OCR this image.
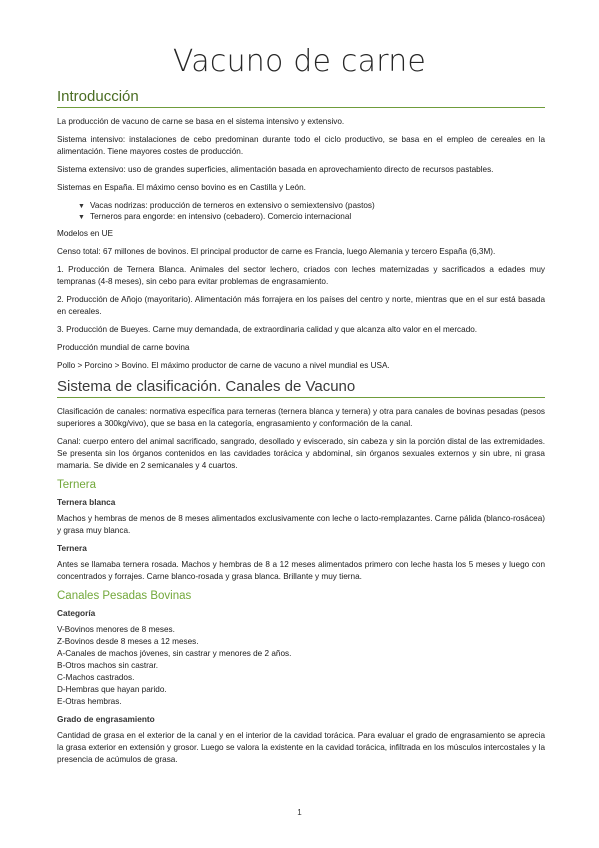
Vacuno de carne
Introducción
La producción de vacuno de carne se basa en el sistema intensivo y extensivo.
Sistema intensivo: instalaciones de cebo predominan durante todo el ciclo productivo, se basa en el empleo de cereales en la alimentación. Tiene mayores costes de producción.
Sistema extensivo: uso de grandes superficies, alimentación basada en aprovechamiento directo de recursos pastables.
Sistemas en España. El máximo censo bovino es en Castilla y León.
▼ Vacas nodrizas: producción de terneros en extensivo o semiextensivo (pastos)
▼ Terneros para engorde: en intensivo (cebadero). Comercio internacional
Modelos en UE
Censo total: 67 millones de bovinos. El principal productor de carne es Francia, luego Alemania y tercero España (6,3M).
1. Producción de Ternera Blanca. Animales del sector lechero, criados con leches maternizadas y sacrificados a edades muy tempranas (4-8 meses), sin cebo para evitar problemas de engrasamiento.
2. Producción de Añojo (mayoritario). Alimentación más forrajera en los países del centro y norte, mientras que en el sur está basada en cereales.
3. Producción de Bueyes. Carne muy demandada, de extraordinaria calidad y que alcanza alto valor en el mercado.
Producción mundial de carne bovina
Pollo > Porcino > Bovino. El máximo productor de carne de vacuno a nivel mundial es USA.
Sistema de clasificación. Canales de Vacuno
Clasificación de canales: normativa específica para terneras (ternera blanca y ternera) y otra para canales de bovinas pesadas (pesos superiores a 300kg/vivo), que se basa en la categoría, engrasamiento y conformación de la canal.
Canal: cuerpo entero del animal sacrificado, sangrado, desollado y eviscerado, sin cabeza y sin la porción distal de las extremidades. Se presenta sin los órganos contenidos en las cavidades torácica y abdominal, sin órganos sexuales externos y sin ubre, ni grasa mamaria. Se divide en 2 semicanales y 4 cuartos.
Ternera
Ternera blanca
Machos y hembras de menos de 8 meses alimentados exclusivamente con leche o lacto-remplazantes. Carne pálida (blanco-rosácea) y grasa muy blanca.
Ternera
Antes se llamaba ternera rosada. Machos y hembras de 8 a 12 meses alimentados primero con leche hasta los 5 meses y luego con concentrados y forrajes. Carne blanco-rosada y grasa blanca. Brillante y muy tierna.
Canales Pesadas Bovinas
Categoría
V-Bovinos menores de 8 meses.
Z-Bovinos desde 8 meses a 12 meses.
A-Canales de machos jóvenes, sin castrar y menores de 2 años.
B-Otros machos sin castrar.
C-Machos castrados.
D-Hembras que hayan parido.
E-Otras hembras.
Grado de engrasamiento
Cantidad de grasa en el exterior de la canal y en el interior de la cavidad torácica. Para evaluar el grado de engrasamiento se aprecia la grasa exterior en extensión y grosor. Luego se valora la existente en la cavidad torácica, infiltrada en los músculos intercostales y la presencia de acúmulos de grasa.
1
